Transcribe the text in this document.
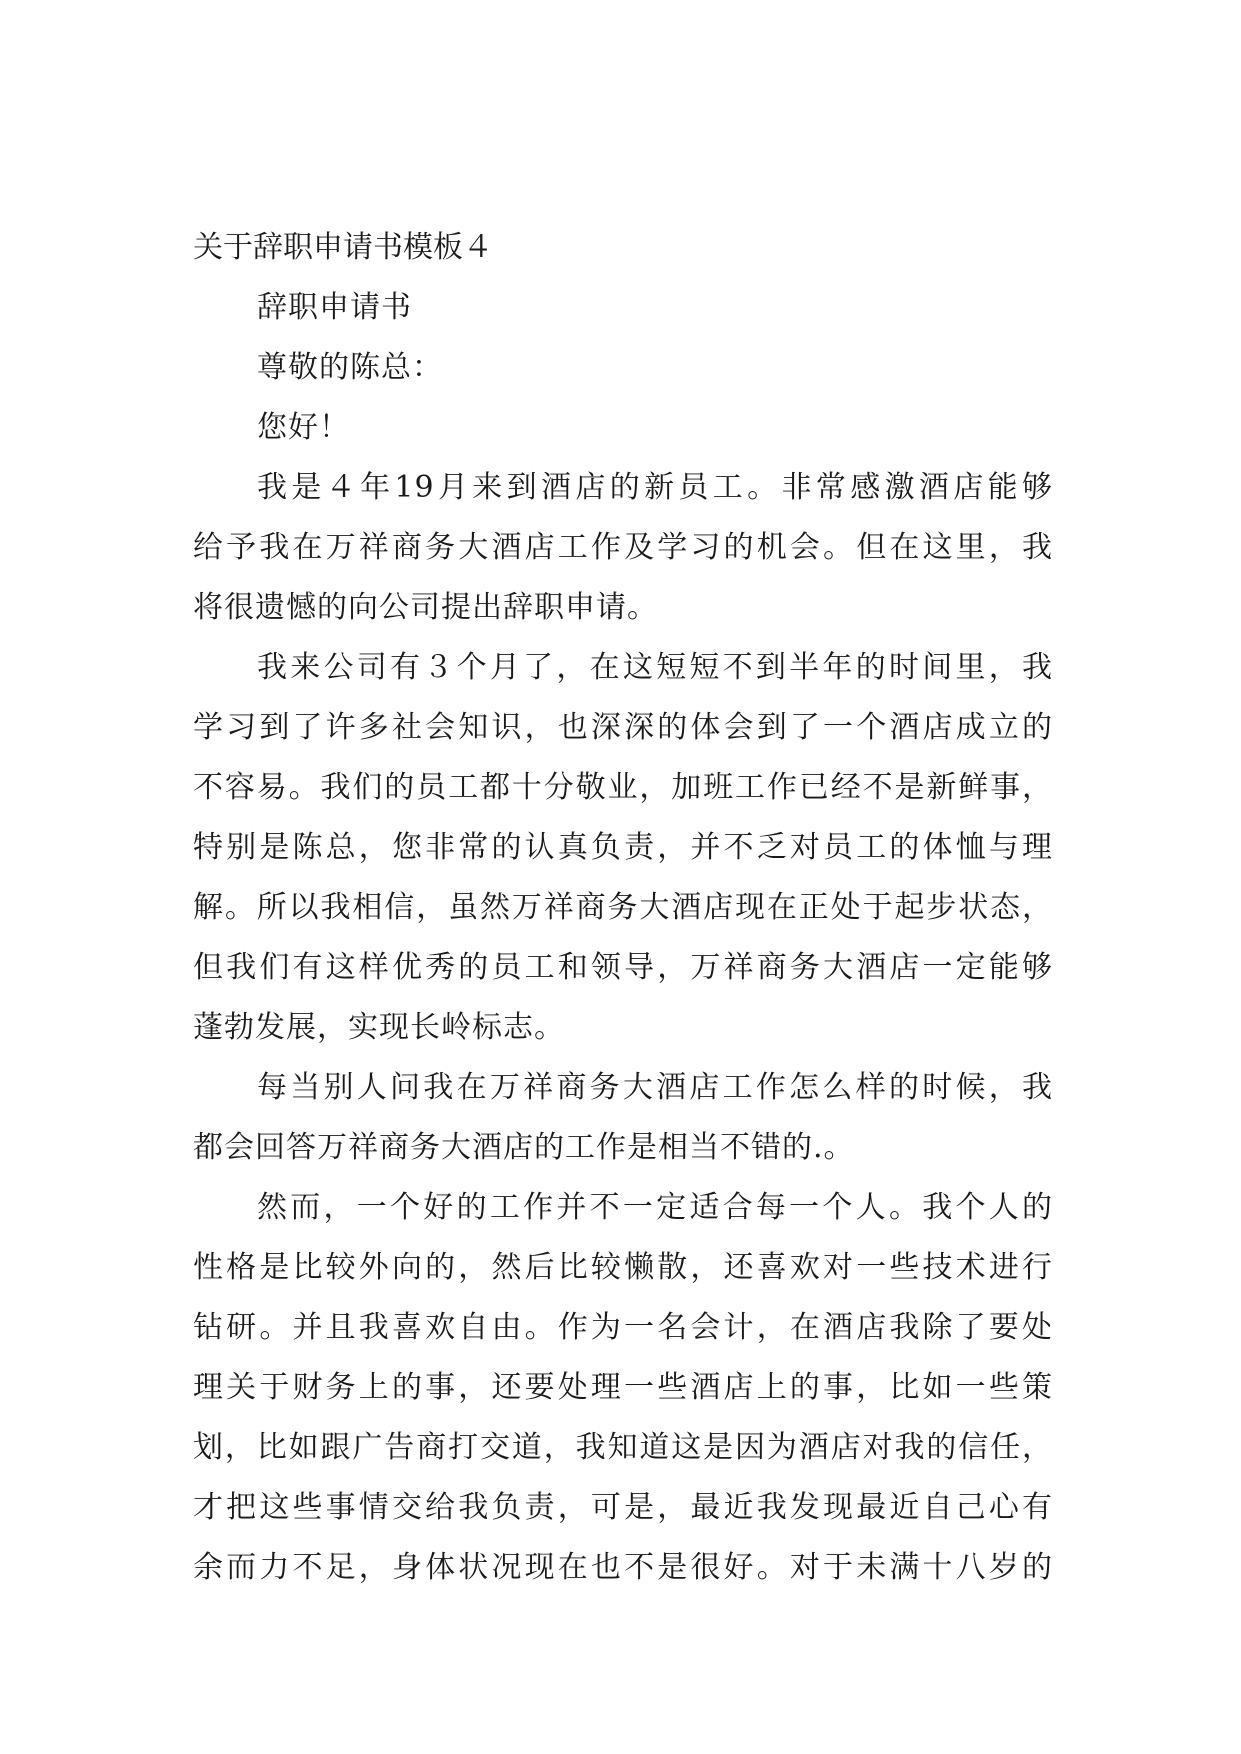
关于辞职申请书模板４
辞职申请书
尊敬的陈总：
您好！
我是４年19月来到酒店的新员工。非常感激酒店能够
给予我在万祥商务大酒店工作及学习的机会。但在这里，我
将很遗憾的向公司提出辞职申请。
我来公司有３个月了，在这短短不到半年的时间里，我
学习到了许多社会知识，也深深的体会到了一个酒店成立的
不容易。我们的员工都十分敬业，加班工作已经不是新鲜事，
特别是陈总，您非常的认真负责，并不乏对员工的体恤与理
解。所以我相信，虽然万祥商务大酒店现在正处于起步状态，
但我们有这样优秀的员工和领导，万祥商务大酒店一定能够
蓬勃发展，实现长岭标志。
每当别人问我在万祥商务大酒店工作怎么样的时候，我
都会回答万祥商务大酒店的工作是相当不错的.。
然而，一个好的工作并不一定适合每一个人。我个人的
性格是比较外向的，然后比较懒散，还喜欢对一些技术进行
钻研。并且我喜欢自由。作为一名会计，在酒店我除了要处
理关于财务上的事，还要处理一些酒店上的事，比如一些策
划，比如跟广告商打交道，我知道这是因为酒店对我的信任，
才把这些事情交给我负责，可是，最近我发现最近自己心有
余而力不足，身体状况现在也不是很好。对于未满十八岁的
